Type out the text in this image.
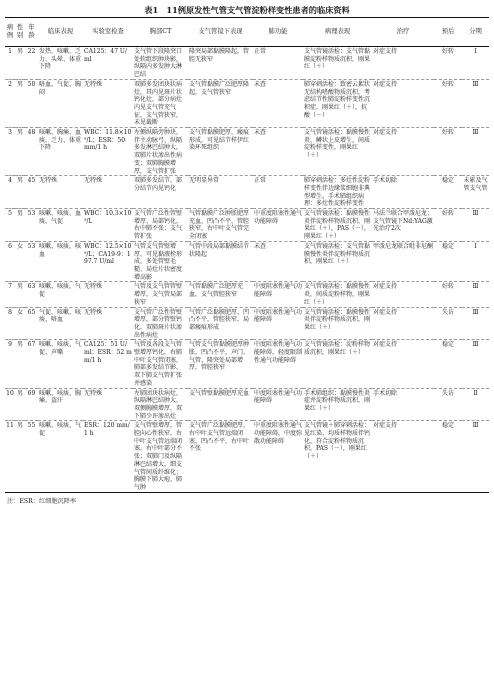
表1　11例原发性气管支气管淀粉样变性患者的临床资料
病例	性别	年龄	临床表现	实验室检查	胸部CT	支气管镜下表现	肺功能	病理表现	治疗	预后	分期
1	男	22	发热、咳嗽、乏力、头晕、体重下降	CA125：47 U/ml	支气管下段隆突口处软组织肿块影，纵隔内多发肿大淋巴结	隆突局部黏膜隆起，管腔无狭窄	正常	支气管镜活检：支气管黏膜淀粉样物质沉积，刚果红（＋）	对症支持	好转	Ⅰ
2	男	50	咯血、气促、胸闷	无特殊	双肺多发团块状病灶，其内见斑片状钙化灶，部分病灶内见支气管充气征，支气管狭窄，未见截断	支气管黏膜广泛肥厚隆起，支气管狭窄	未查	肺穿刺活检：致密云絮状无结构嗜酸物质沉积，考虑结节性肺淀粉样变性沉积症，刚果红（＋），抗酸（－）	对症支持	好转	Ⅲ
3	男	48	咳嗽、胸痛、血痰、乏力、体重下降	WBC：11.8×10⁹/L；ESR：50 mm/1 h	左侧纵隔旁肿块，伴主动脉弓、纵隔多发淋巴结肿大，双肺片状渗出性病变；双肺胸膜增厚，支气管扩张	支气管黏膜肥厚，瘢痕形成，可见结节样伊红染环死组织	未查	支气管镜活检：黏膜慢性炎，鳞状上皮增生，间质淀粉样变性，刚果红（＋）	对症支持	好转	Ⅲ
4	男	45	无特殊	无特殊	双肺多发结节，部分结节内见钙化	无明显异常	正常	肺穿刺活检：多灶性淀粉样变性伴边缘浆细胞非典型增生。手术肺组织病理：多灶性淀粉样变性	手术切除	稳定	未累及气管支气管
5	男	53	咳嗽、咳痰、血痰、气促	WBC：10.3×10⁹/L	支气管广泛性管壁增厚、局部钙化，右中肺不张；支气管扩张	气管黏膜广泛肿胀肥厚充血，凹凸不平，管腔狭窄，右中叶支气管完全闭塞	中重度阻塞性通气功能障碍	支气管镜活检：黏膜慢性炎伴淀粉样物质沉积，刚果红（＋），PAS（－），刚果红（＋）	马法兰联合甲泼尼龙；支气管镜下Nd:YAG激光治疗2次	好转	Ⅲ
6	女	53	咳嗽、咳痰、咳血	WBC：12.5×10⁹/L；CA19-9：197.7 U/ml	气管支气管壁增厚，可见黏液栓形成，多处管壁毛糙、局灶片状密度增高影	气管中段局部黏膜结节状隆起	未查	支气管镜活检：支气管黏膜慢性炎伴淀粉样物质沉积，刚果红（＋）	甲泼尼龙联合吡非尼酮	稳定	Ⅰ
7	男	63	咳嗽、咳痰、气促	无特殊	气管及支气管管壁增厚，支气管局部狭窄	气管黏膜广泛肥厚充血，支气管腔狭窄	中度阻塞性通气功能障碍	支气管镜活检：黏膜慢性炎，间质淀粉样物，刚果红（＋）	对症支持	好转	Ⅲ
8	女	65	气促、咳嗽、咳痰、咯血	无特殊	支气管广泛性管壁增厚，部分管壁钙化，双肺斑片状渗出性病灶	气管广泛黏膜肥厚，凹凸不平，管腔狭窄，局部瘢痕形成	中度阻塞性通气功能障碍	支气管镜活检：黏膜慢性炎伴淀粉样物质沉积，刚果红（＋）	对症支持	失访	Ⅲ
9	男	67	咳嗽、咳痰、气促、声嘶	CA125：51 U/ml；ESR：52 mm/1 h	气管及各段支气管壁增厚钙化，右肺中叶支气管闭塞，肺部多发结节影，双下肺支气管扩张并感染	气管支气管黏膜肥厚肿胀，凹凸不平，声门、气管、隆突处局部增厚，管腔狭窄	中度阻塞性通气功能障碍，轻度限制性通气功能障碍	支气管镜活检：淀粉样物质沉积，刚果红（＋）	对症支持	稳定	Ⅲ
10	男	69	咳嗽、咳痰、胸痛、盗汗	无特殊	左肺团块状病灶，纵隔淋巴结肿大，双侧胸膜增厚，双下肺少许渗出灶	支气管壁黏膜肥厚充血	中度阻塞性通气功能障碍	手术肺组织：黏膜慢性炎症并淀粉样物质沉积，刚果红（＋）	手术切除	失访	Ⅱ
11	男	55	咳嗽、咳痰、气促	ESR：120 mm/1 h	支气管壁增厚，管腔向心性狭窄，右中叶支气管远端闭塞，右中叶部分不张；双肺门及纵隔淋巴结增大，细支气管间质纤维化；胸膜下肺大疱、肺气肿	支气管广泛黏膜肥厚，右中叶支气管远端闭塞，凹凸不平，右中叶不张	中重度阻塞性通气功能障碍，中度弥散功能障碍	支气管镜＋肺穿刺活检：见红染、均质样物质伴钙化，符合淀粉样物质沉积，PAS（－），刚果红（＋）	对症支持	稳定	Ⅲ
注：ESR：红细胞沉降率
